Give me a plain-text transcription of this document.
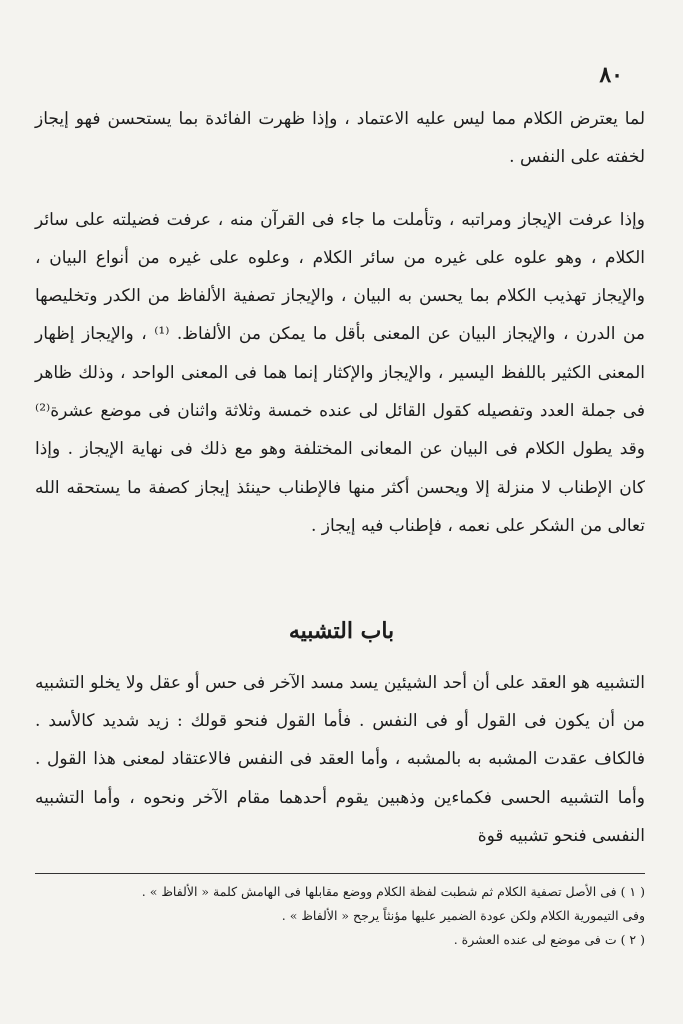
٨٠

لما يعترض الكلام مما ليس عليه الاعتماد ، وإذا ظهرت الفائدة بما يستحسن فهو إيجاز لخفته على النفس .

وإذا عرفت الإيجاز ومراتبه ، وتأملت ما جاء فى القرآن منه ، عرفت فضيلته على سائر الكلام ، وهو علوه على غيره من سائر الكلام ، وعلوه على غيره من أنواع البيان ، والإيجاز تهذيب الكلام بما يحسن به البيان ، والإيجاز تصفية الألفاظ من الكدر وتخليصها من الدرن ، والإيجاز البيان عن المعنى بأقل ما يمكن من الألفاظ. ⁽¹⁾ ، والإيجاز إظهار المعنى الكثير باللفظ اليسير ، والإيجاز والإكثار إنما هما فى المعنى الواحد ، وذلك ظاهر فى جملة العدد وتفصيله كقول القائل لى عنده خمسة وثلاثة واثنان فى موضع عشرة⁽²⁾ وقد يطول الكلام فى البيان عن المعانى المختلفة وهو مع ذلك فى نهاية الإيجاز . وإذا كان الإطناب لا منزلة إلا ويحسن أكثر منها فالإطناب حينئذ إيجاز كصفة ما يستحقه الله تعالى من الشكر على نعمه ، فإطناب فيه إيجاز .

باب التشبيه

التشبيه هو العقد على أن أحد الشيئين يسد مسد الآخر فى حس أو عقل ولا يخلو التشبيه من أن يكون فى القول أو فى النفس . فأما القول فنحو قولك : زيد شديد كالأسد . فالكاف عقدت المشبه به بالمشبه ، وأما العقد فى النفس فالاعتقاد لمعنى هذا القول . وأما التشبيه الحسى فكماءين وذهبين يقوم أحدهما مقام الآخر ونحوه ، وأما التشبيه النفسى فنحو تشبيه قوة

( ١ ) فى الأصل تصفية الكلام ثم شطبت لفظة الكلام ووضع مقابلها فى الهامش كلمة « الألفاظ » .

وفى التيمورية الكلام ولكن عودة الضمير عليها مؤنثاً يرجح « الألفاظ » .

( ٢ ) ت فى موضع لى عنده العشرة .
